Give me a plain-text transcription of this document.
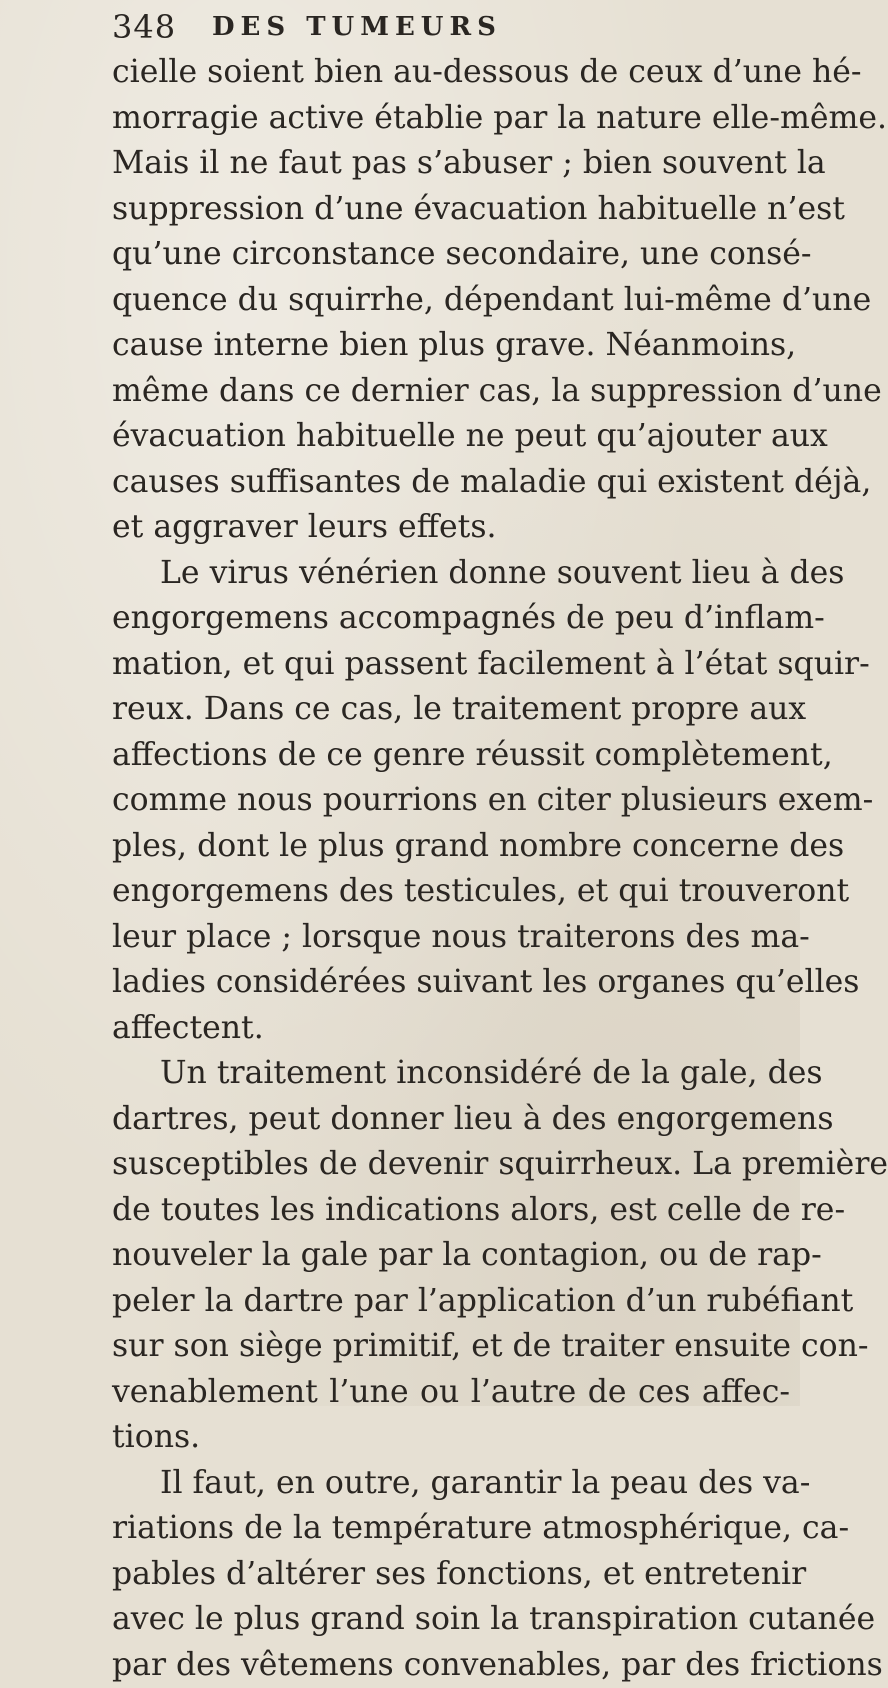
348 DES TUMEURS
cielle soient bien au-dessous de ceux d’une hé-
morragie active établie par la nature elle-même.
Mais il ne faut pas s’abuser ; bien souvent la
suppression d’une évacuation habituelle n’est
qu’une circonstance secondaire, une consé-
quence du squirrhe, dépendant lui-même d’une
cause interne bien plus grave. Néanmoins,
même dans ce dernier cas, la suppression d’une
évacuation habituelle ne peut qu’ajouter aux
causes suffisantes de maladie qui existent déjà,
et aggraver leurs effets.
Le virus vénérien donne souvent lieu à des
engorgemens accompagnés de peu d’inflam-
mation, et qui passent facilement à l’état squir-
reux. Dans ce cas, le traitement propre aux
affections de ce genre réussit complètement,
comme nous pourrions en citer plusieurs exem-
ples, dont le plus grand nombre concerne des
engorgemens des testicules, et qui trouveront
leur place ; lorsque nous traiterons des ma-
ladies considérées suivant les organes qu’elles
affectent.
Un traitement inconsidéré de la gale, des
dartres, peut donner lieu à des engorgemens
susceptibles de devenir squirrheux. La première
de toutes les indications alors, est celle de re-
nouveler la gale par la contagion, ou de rap-
peler la dartre par l’application d’un rubéfiant
sur son siège primitif, et de traiter ensuite con-
venablement l’une ou l’autre de ces affec-
tions.
Il faut, en outre, garantir la peau des va-
riations de la température atmosphérique, ca-
pables d’altérer ses fonctions, et entretenir
avec le plus grand soin la transpiration cutanée
par des vêtemens convenables, par des frictions
